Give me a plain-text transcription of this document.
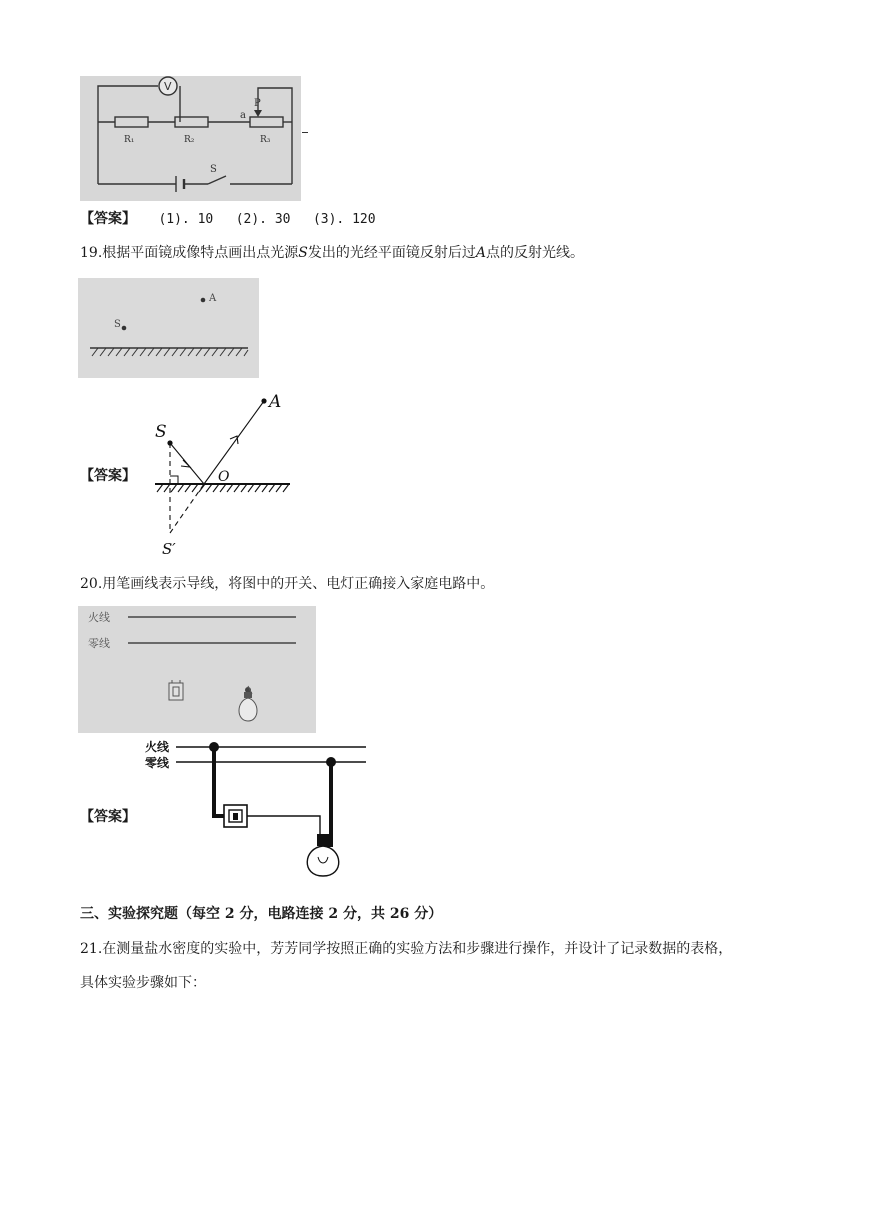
V
R₁	R₂	R₃
P
a
S
【答案】 (1). 10 (2). 30 (3). 120
19.根据平面镜成像特点画出点光源S发出的光经平面镜反射后过A点的反射光线。
A
S
【答案】
S
A
O
S′
20.用笔画线表示导线，将图中的开关、电灯正确接入家庭电路中。
火线
零线
【答案】
火线
零线
三、实验探究题（每空 2 分，电路连接 2 分，共 26 分）
21.在测量盐水密度的实验中，芳芳同学按照正确的实验方法和步骤进行操作，并设计了记录数据的表格，
具体实验步骤如下：
